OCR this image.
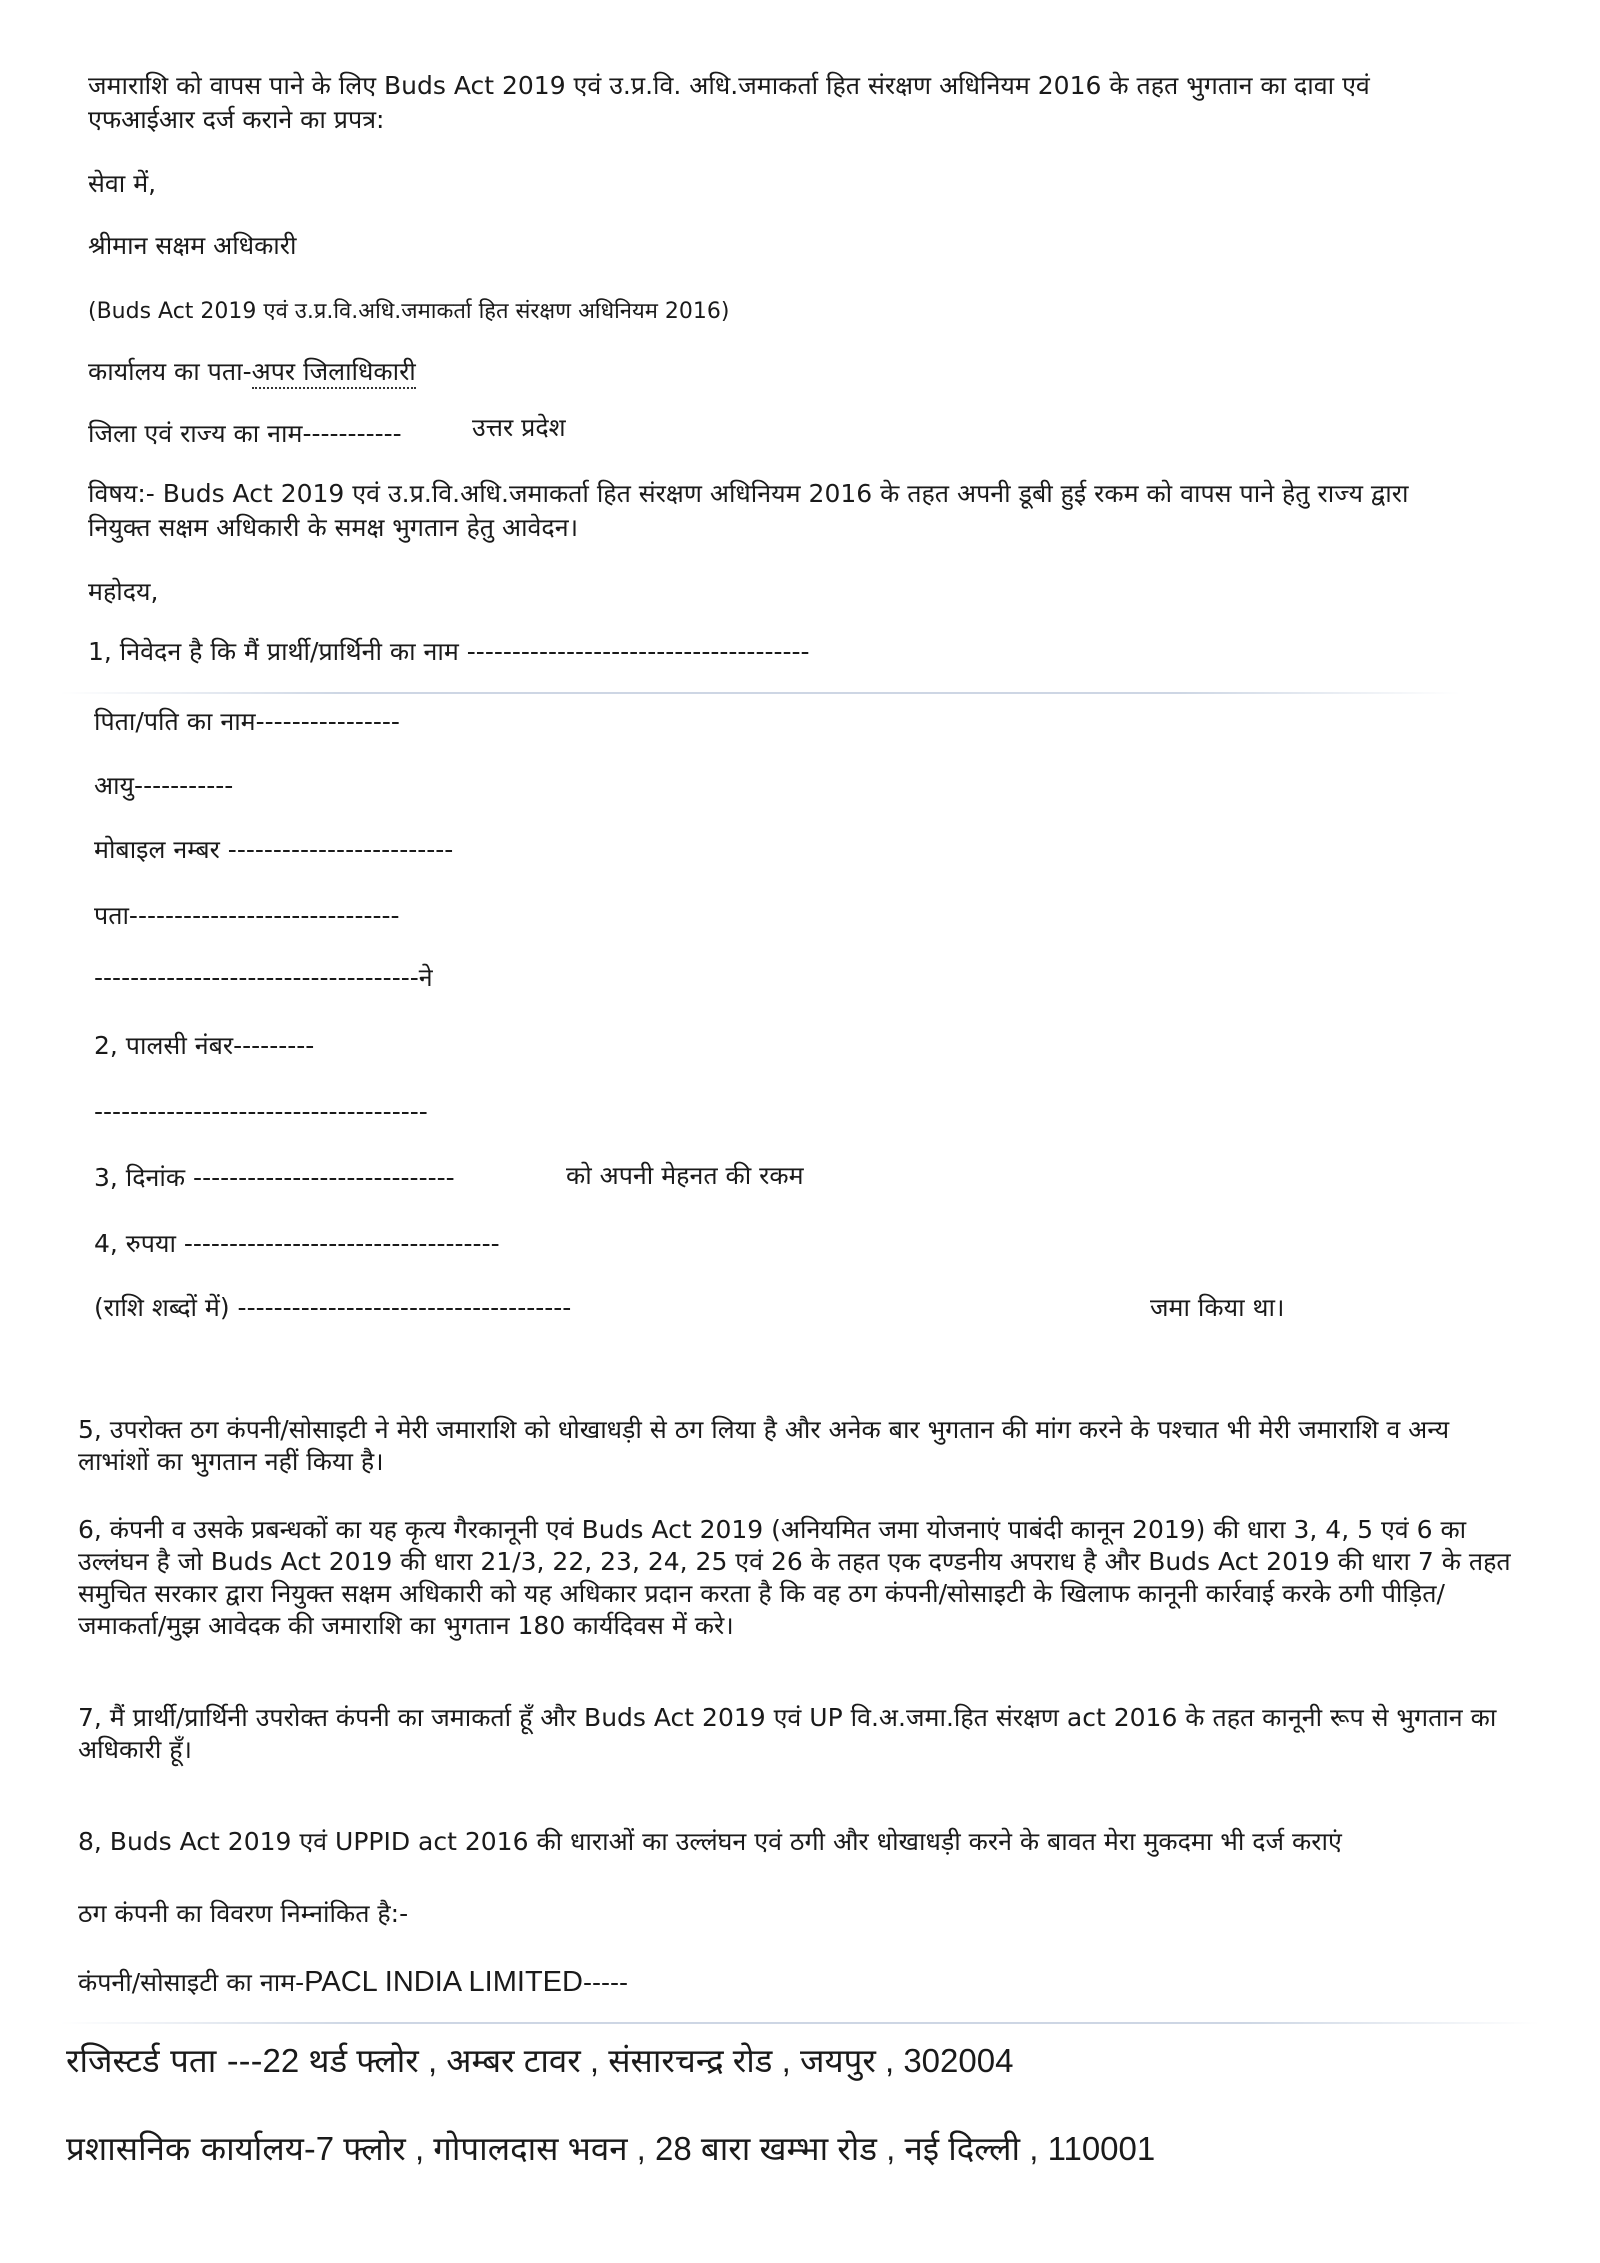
जमाराशि को वापस पाने के लिए Buds Act 2019 एवं उ.प्र.वि. अधि.जमाकर्ता हित संरक्षण अधिनियम 2016 के तहत भुगतान का दावा एवं
एफआईआर दर्ज कराने का प्रपत्र:
सेवा में,
श्रीमान सक्षम अधिकारी
(Buds Act 2019 एवं उ.प्र.वि.अधि.जमाकर्ता हित संरक्षण अधिनियम 2016)
कार्यालय का पता-अपर जिलाधिकारी
जिला एवं राज्य का नाम-----------	उत्तर प्रदेश
विषय:- Buds Act 2019 एवं उ.प्र.वि.अधि.जमाकर्ता हित संरक्षण अधिनियम 2016 के तहत अपनी डूबी हुई रकम को वापस पाने हेतु राज्य द्वारा
नियुक्त सक्षम अधिकारी के समक्ष भुगतान हेतु आवेदन।
महोदय,
1, निवेदन है कि मैं प्रार्थी/प्रार्थिनी का नाम --------------------------------------
पिता/पति का नाम----------------
आयु-----------
मोबाइल नम्बर -------------------------
पता------------------------------
------------------------------------ने
2, पालसी नंबर---------
-------------------------------------
3, दिनांक -----------------------------	को अपनी मेहनत की रकम
4, रुपया -----------------------------------
(राशि शब्दों में) -------------------------------------	जमा किया था।
5, उपरोक्त ठग कंपनी/सोसाइटी ने मेरी जमाराशि को धोखाधड़ी से ठग लिया है और अनेक बार भुगतान की मांग करने के पश्चात भी मेरी जमाराशि व अन्य लाभांशों का भुगतान नहीं किया है।
6, कंपनी व उसके प्रबन्धकों का यह कृत्य गैरकानूनी एवं Buds Act 2019 (अनियमित जमा योजनाएं पाबंदी कानून 2019) की धारा 3, 4, 5 एवं 6 का उल्लंघन है जो Buds Act 2019 की धारा 21/3, 22, 23, 24, 25 एवं 26 के तहत एक दण्डनीय अपराध है और Buds Act 2019 की धारा 7 के तहत समुचित सरकार द्वारा नियुक्त सक्षम अधिकारी को यह अधिकार प्रदान करता है कि वह ठग कंपनी/सोसाइटी के खिलाफ कानूनी कार्रवाई करके ठगी पीड़ित/जमाकर्ता/मुझ आवेदक की जमाराशि का भुगतान 180 कार्यदिवस में करे।
7, मैं प्रार्थी/प्रार्थिनी उपरोक्त कंपनी का जमाकर्ता हूँ और Buds Act 2019 एवं UP वि.अ.जमा.हित संरक्षण act 2016 के तहत कानूनी रूप से भुगतान का अधिकारी हूँ।
8, Buds Act 2019 एवं UPPID act 2016 की धाराओं का उल्लंघन एवं ठगी और धोखाधड़ी करने के बावत मेरा मुकदमा भी दर्ज कराएं
ठग कंपनी का विवरण निम्नांकित है:-
कंपनी/सोसाइटी का नाम-PACL INDIA LIMITED-----
रजिस्टर्ड पता ---22 थर्ड फ्लोर , अम्बर टावर , संसारचन्द्र रोड , जयपुर , 302004
प्रशासनिक कार्यालय-7 फ्लोर , गोपालदास भवन , 28 बारा खम्भा रोड , नई दिल्ली , 110001
